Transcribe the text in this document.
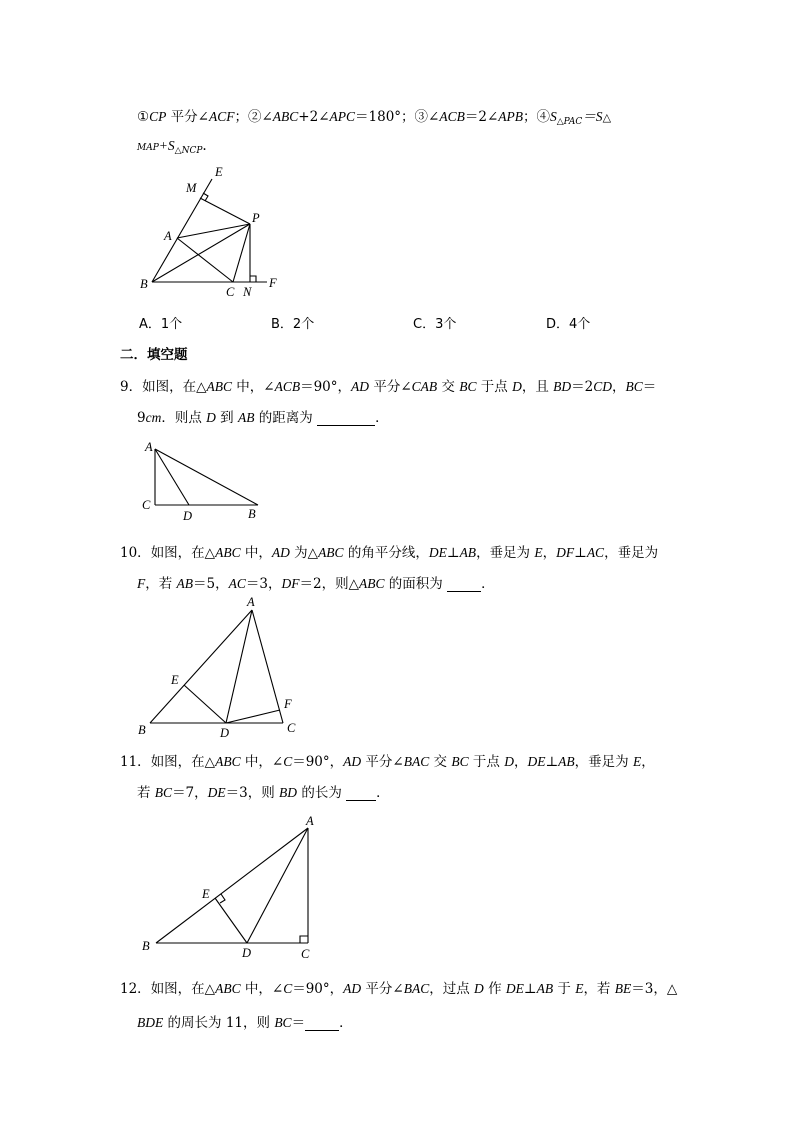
①CP 平分∠ACF；②∠ABC+2∠APC＝180°；③∠ACB＝2∠APB；$④S_{\triangle PAC}=S\triangle$
$MAP+S_{\triangle NCP}$.
E
M
P
A
B
C N
F
A．1个	B．2个	C．3个	D．4个
二．填空题
9．如图，在△ABC 中，∠ACB＝90°，AD 平分∠CAB 交 BC 于点 D，且 BD＝2CD，BC＝
9cm．则点 D 到 AB 的距离为	．
A
C
D	B
10．如图，在△ABC 中，AD 为△ABC 的角平分线，DE⊥AB，垂足为 E，DF⊥AC，垂足为
F，若 AB＝5，AC＝3，DF＝2，则△ABC 的面积为	．
A
E
F
B	D	C
11．如图，在△ABC 中，∠C＝90°，AD 平分∠BAC 交 BC 于点 D，DE⊥AB，垂足为 E，
若 BC＝7，DE＝3，则 BD 的长为 ．
A
E
B	D	C
12．如图，在△ABC 中，∠C＝90°，AD 平分∠BAC，过点 D 作 DE⊥AB 于 E，若 BE＝3，△
BDE 的周长为 11，则 BC＝	．
